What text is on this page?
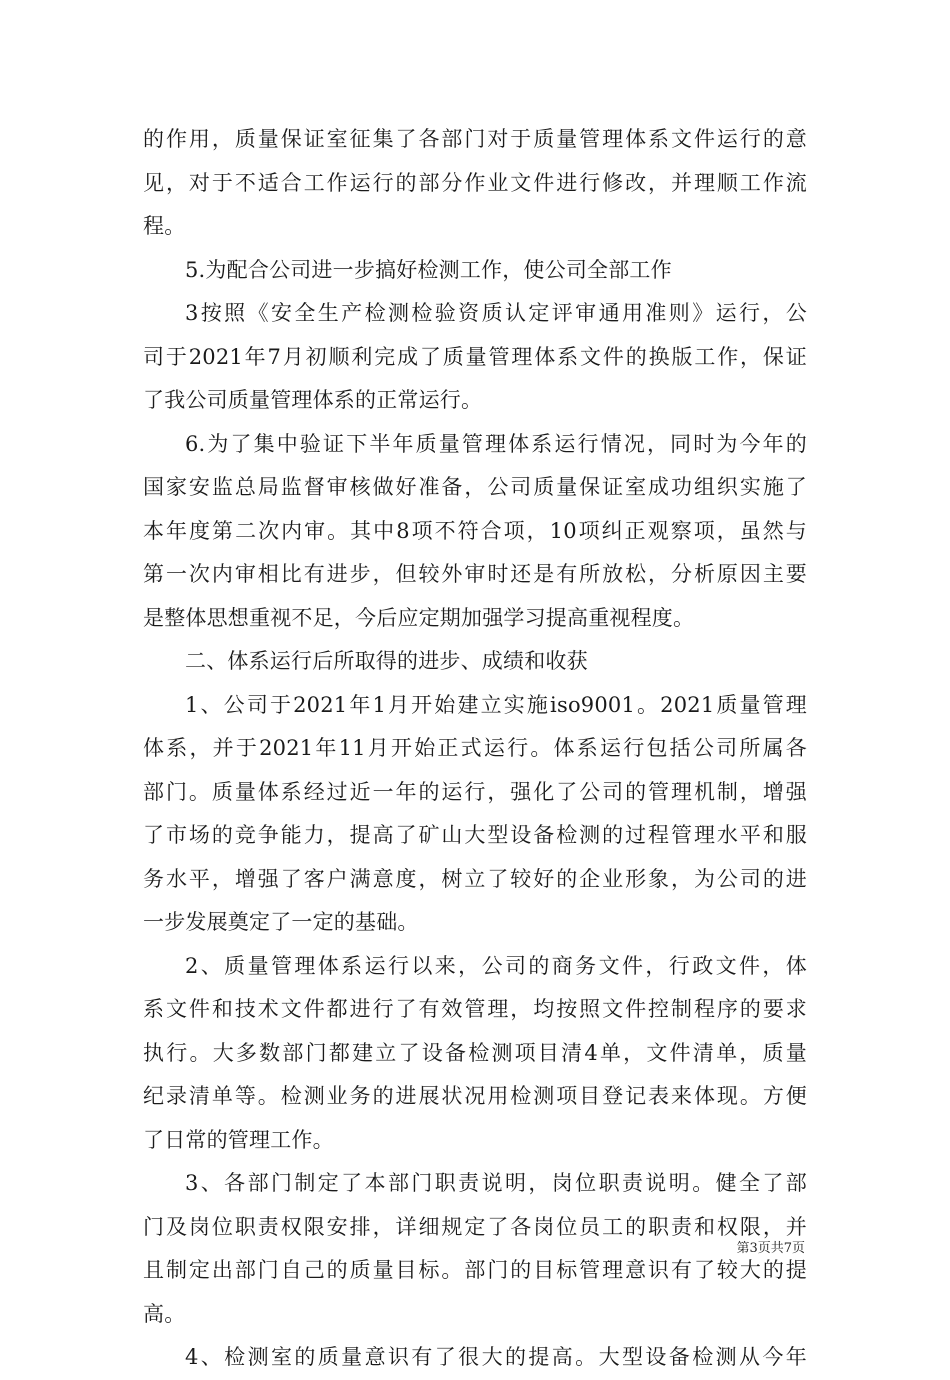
的作用，质量保证室征集了各部门对于质量管理体系文件运行的意
见，对于不适合工作运行的部分作业文件进行修改，并理顺工作流
程。
5.为配合公司进一步搞好检测工作，使公司全部工作
3按照《安全生产检测检验资质认定评审通用准则》运行，公
司于2021年7月初顺利完成了质量管理体系文件的换版工作，保证
了我公司质量管理体系的正常运行。
6.为了集中验证下半年质量管理体系运行情况，同时为今年的
国家安监总局监督审核做好准备，公司质量保证室成功组织实施了
本年度第二次内审。其中8项不符合项，10项纠正观察项，虽然与
第一次内审相比有进步，但较外审时还是有所放松，分析原因主要
是整体思想重视不足，今后应定期加强学习提高重视程度。
二、体系运行后所取得的进步、成绩和收获
1、公司于2021年1月开始建立实施iso9001。2021质量管理
体系，并于2021年11月开始正式运行。体系运行包括公司所属各
部门。质量体系经过近一年的运行，强化了公司的管理机制，增强
了市场的竞争能力，提高了矿山大型设备检测的过程管理水平和服
务水平，增强了客户满意度，树立了较好的企业形象，为公司的进
一步发展奠定了一定的基础。
2、质量管理体系运行以来，公司的商务文件，行政文件，体
系文件和技术文件都进行了有效管理，均按照文件控制程序的要求
执行。大多数部门都建立了设备检测项目清4单，文件清单，质量
纪录清单等。检测业务的进展状况用检测项目登记表来体现。方便
了日常的管理工作。
3、各部门制定了本部门职责说明，岗位职责说明。健全了部
门及岗位职责权限安排，详细规定了各岗位员工的职责和权限，并
且制定出部门自己的质量目标。部门的目标管理意识有了较大的提
高。
4、检测室的质量意识有了很大的提高。大型设备检测从今年
第3页共7页
